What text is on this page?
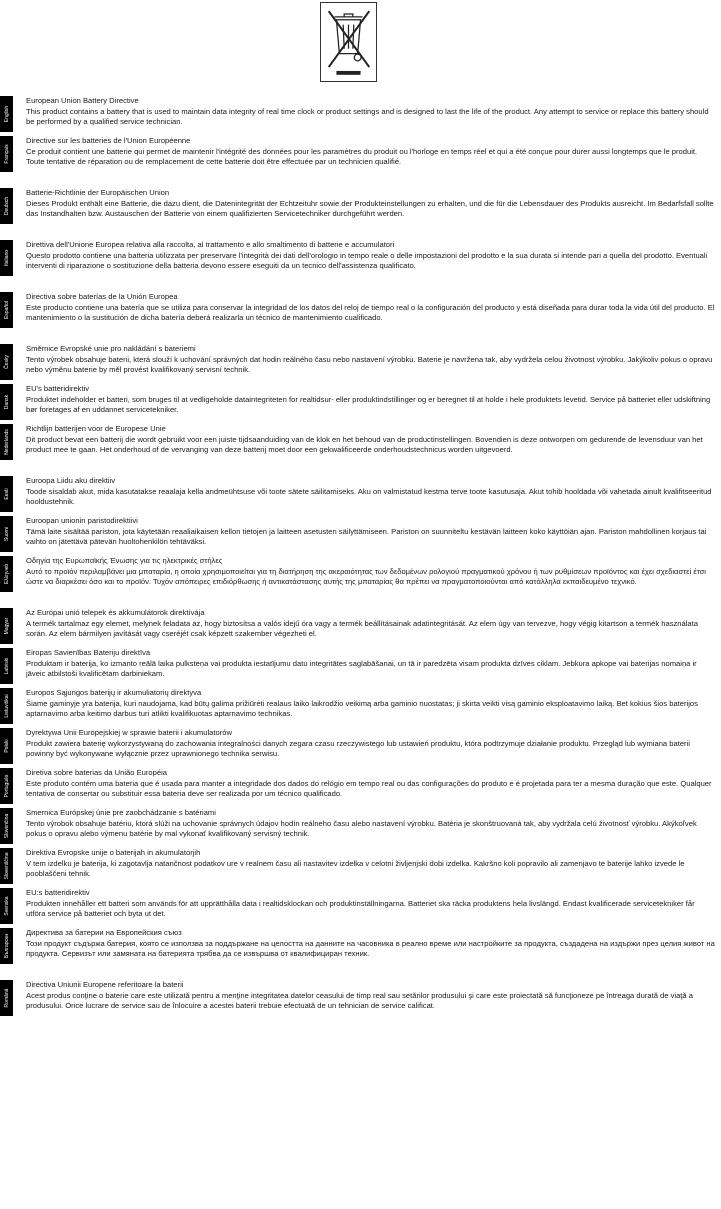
English

European Union Battery Directive

This product contains a battery that is used to maintain data integrity of real time clock or product settings and is designed to last the life of the product. Any attempt to service or replace this battery should be performed by a qualified service technician.

Français

Directive sur les batteries de l'Union Européenne

Ce produit contient une batterie qui permet de maintenir l'intégrité des données pour les paramètres du produit ou l'horloge en temps réel et qui a été conçue pour durer aussi longtemps que le produit. Toute tentative de réparation ou de remplacement de cette batterie doit être effectuée par un technicien qualifié.

Deutsch

Batterie-Richtlinie der Europäischen Union

Dieses Produkt enthält eine Batterie, die dazu dient, die Datenintegrität der Echtzeituhr sowie der Produkteinstellungen zu erhalten, und die für die Lebensdauer des Produkts ausreicht. Im Bedarfsfall sollte das Instandhalten bzw. Austauschen der Batterie von einem qualifizierten Servicetechniker durchgeführt werden.

Italiano

Direttiva dell'Unione Europea relativa alla raccolta, al trattamento e allo smaltimento di batterie e accumulatori

Questo prodotto contiene una batteria utilizzata per preservare l'integrità dei dati dell'orologio in tempo reale o delle impostazioni del prodotto e la sua durata si intende pari a quella del prodotto. Eventuali interventi di riparazione o sostituzione della batteria devono essere eseguiti da un tecnico dell'assistenza qualificato.

Español

Directiva sobre baterías de la Unión Europea

Este producto contiene una batería que se utiliza para conservar la integridad de los datos del reloj de tiempo real o la configuración del producto y está diseñada para durar toda la vida útil del producto. El mantenimiento o la sustitución de dicha batería deberá realizarla un técnico de mantenimiento cualificado.

Česky

Směrnice Evropské unie pro nakládání s bateriemi

Tento výrobek obsahuje baterii, která slouží k uchování správných dat hodin reálného času nebo nastavení výrobku. Baterie je navržena tak, aby vydržela celou životnost výrobku. Jakýkoliv pokus o opravu nebo výměnu baterie by měl provést kvalifikovaný servisní technik.

Dansk

EU's batteridirektiv

Produktet indeholder et batteri, som bruges til at vedligeholde dataintegriteten for realtidsur- eller produktindstillinger og er beregnet til at holde i hele produktets levetid. Service på batteriet eller udskiftning bør foretages af en uddannet servicetekniker.

Nederlands

Richtlijn batterijen voor de Europese Unie

Dit product bevat een batterij die wordt gebruikt voor een juiste tijdsaanduiding van de klok en het behoud van de productinstellingen. Bovendien is deze ontworpen om gedurende de levensduur van het product mee te gaan. Het onderhoud of de vervanging van deze batterij moet door een gekwalificeerde onderhoudstechnicus worden uitgevoerd.

Eesti

Euroopa Liidu aku direktiiv

Toode sisaldab akut, mida kasutatakse reaalaja kella andmeühtsuse või toote sätete säilitamiseks. Aku on valmistatud kestma terve toote kasutusaja. Akut tohib hooldada või vahetada ainult kvalifitseeritud hooldustehnik.

Suomi

Euroopan unionin paristodirektiivi

Tämä laite sisältää pariston, jota käytetään reaaliaikaisen kellon tietojen ja laitteen asetusten säilyttämiseen. Pariston on suunniteltu kestävän laitteen koko käyttöiän ajan. Pariston mahdollinen korjaus tai vaihto on jätettävä pätevän huoltohenkilön tehtäväksi.

Ελληνικά

Οδηγία της Ευρωπαϊκής Ένωσης για τις ηλεκτρικές στήλες

Αυτό το προϊόν περιλαμβάνει μια μπαταρία, η οποία χρησιμοποιείται για τη διατήρηση της ακεραιότητας των δεδομένων ρολογιού πραγματικού χρόνου ή των ρυθμίσεων προϊόντος και έχει σχεδιαστεί έτσι ώστε να διαρκέσει όσο και το προϊόν. Τυχόν απόπειρες επιδιόρθωσης ή αντικατάστασης αυτής της μπαταρίας θα πρέπει να πραγματοποιούνται από κατάλληλα εκπαιδευμένο τεχνικό.

Magyar

Az Európai unió telepek és akkumulátorok direktívája

A termék tartalmaz egy elemet, melynek feladata az, hogy biztosítsa a valós idejű óra vagy a termék beállításainak adatintegritását. Az elem úgy van tervezve, hogy végig kitartson a termék használata során. Az elem bármilyen javítását vagy cseréjét csak képzett szakember végezheti el.

Latviski

Eiropas Savienības Bateriju direktīva

Produktam ir baterija, ko izmanto reālā laika pulksteņa vai produkta iestatījumu datu integritātes saglabāšanai, un tā ir paredzēta visam produkta dzīves ciklam. Jebkura apkope vai baterijas nomaiņa ir jāveic atbilstoši kvalificētam darbiniekam.

Lietuviškai

Europos Sąjungos baterijų ir akumuliatorių direktyva

Šiame gaminyje yra baterija, kuri naudojama, kad būtų galima prižiūrėti realaus laiko laikrodžio veikimą arba gaminio nuostatas; ji skirta veikti visą gaminio eksploatavimo laiką. Bet kokius šios baterijos aptarnavimo arba keitimo darbus turi atlikti kvalifikuotas aptarnavimo technikas.

Polski

Dyrektywa Unii Europejskiej w sprawie baterii i akumulatorów

Produkt zawiera baterię wykorzystywaną do zachowania integralności danych zegara czasu rzeczywistego lub ustawień produktu, która podtrzymuje działanie produktu. Przegląd lub wymiana baterii powinny być wykonywane wyłącznie przez uprawnionego technika serwisu.

Português

Diretiva sobre baterias da União Européia

Este produto contém uma bateria que é usada para manter a integridade dos dados do relógio em tempo real ou das configurações do produto e é projetada para ter a mesma duração que este. Qualquer tentativa de consertar ou substituir essa bateria deve ser realizada por um técnico qualificado.

Slovenčina

Smernica Európskej únie pre zaobchádzanie s batériami

Tento výrobok obsahuje batériu, ktorá slúži na uchovanie správnych údajov hodín reálneho času alebo nastavení výrobku. Batéria je skonštruovaná tak, aby vydržala celú životnosť výrobku. Akýkoľvek pokus o opravu alebo výmenu batérie by mal vykonať kvalifikovaný servisný technik.

Slovenščina

Direktiva Evropske unije o baterijah in akumulatorjih

V tem izdelku je baterija, ki zagotavlja natančnost podatkov ure v realnem času ali nastavitev izdelka v celotni življenjski dobi izdelka. Kakršno koli popravilo ali zamenjavo te baterije lahko izvede le pooblaščeni tehnik.

Svenska

EU:s batteridirektiv

Produkten innehåller ett batteri som används för att upprätthålla data i realtidsklockan och produktinställningarna. Batteriet ska räcka produktens hela livslängd. Endast kvalificerade servicetekniker får utföra service på batteriet och byta ut det.

Български

Директива за батерии на Европейския съюз

Този продукт съдържа батерия, която се използва за поддържане на целостта на данните на часовника в реално време или настройките за продукта, създадена на издържи през целия живот на продукта. Сервизът или замяната на батерията трябва да се извършва от квалифициран техник.

Română

Directiva Uniunii Europene referitoare la baterii

Acest produs conţine o baterie care este utilizată pentru a menţine integritatea datelor ceasului de timp real sau setărilor produsului şi care este proiectată să funcţioneze pe întreaga durată de viaţă a produsului. Orice lucrare de service sau de înlocuire a acestei baterii trebuie efectuată de un tehnician de service calificat.
